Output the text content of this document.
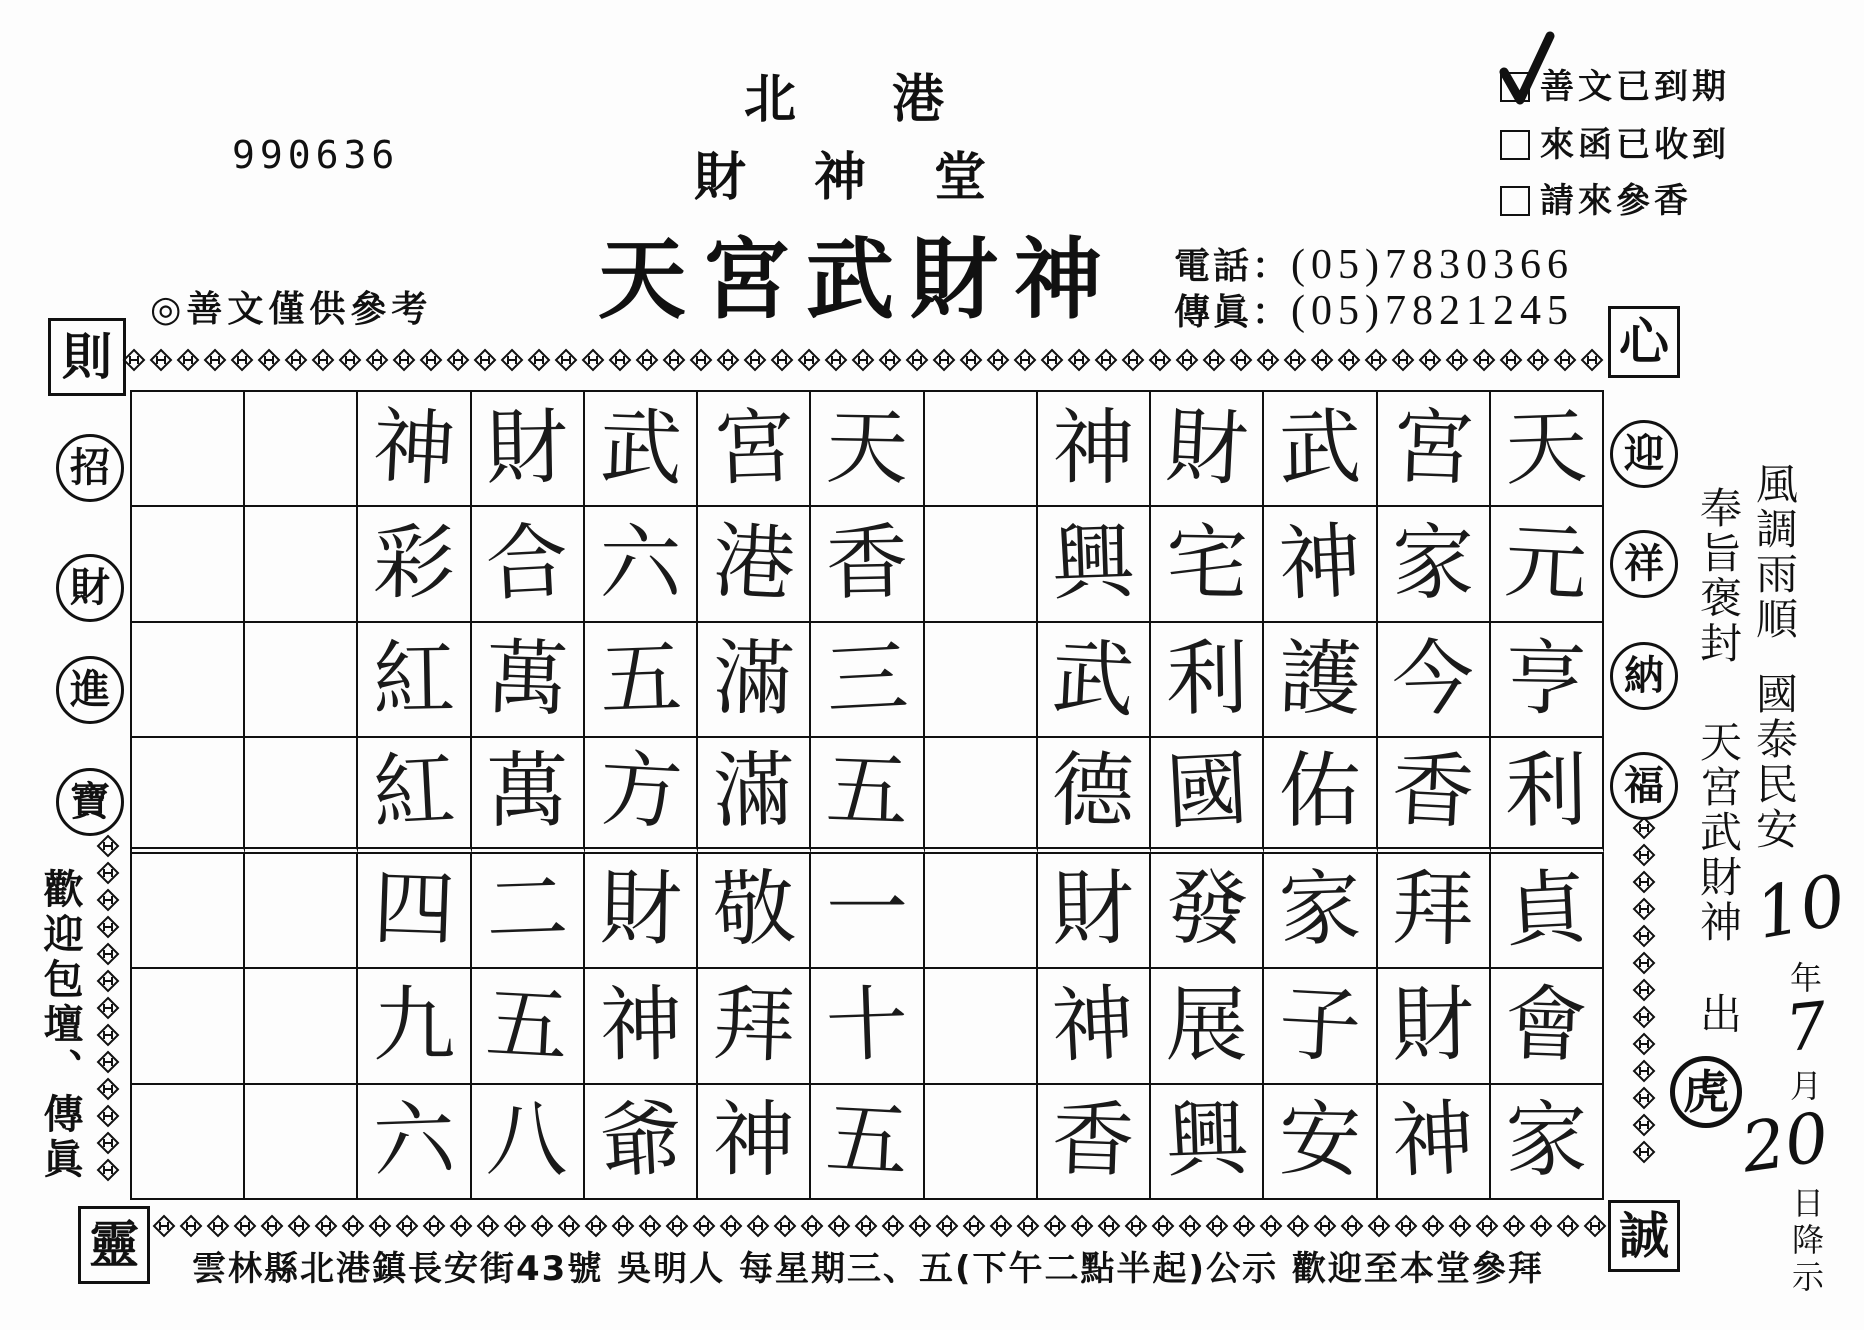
990636
北港
財神堂
天宮武財神
◎善文僅供參考
電話： (05)7830366
傳眞： (05)7821245
善文已到期
來函已收到
請來參香
則	心
靈	誠
招
財
進
寶
迎
祥
納
福
歡迎包壇、傳眞
神
彩
紅
紅
四
九
六
財
合
萬
萬
二
五
八
武
六
五
方
財
神
爺
宮
港
滿
滿
敬
拜
神
天
香
三
五
一
十
五
神
興
武
德
財
神
香
財
宅
利
國
發
展
興
武
神
護
佑
家
子
安
宮
家
今
香
拜
財
神
天
元
亨
利
貞
會
家
風調雨順
國泰民安
奉旨褒封
天宮武財神
出
10
年
7
月
20
日降示
虎
雲林縣北港鎮長安街43號 吳明人 每星期三、五(下午二點半起)公示 歡迎至本堂參拜
